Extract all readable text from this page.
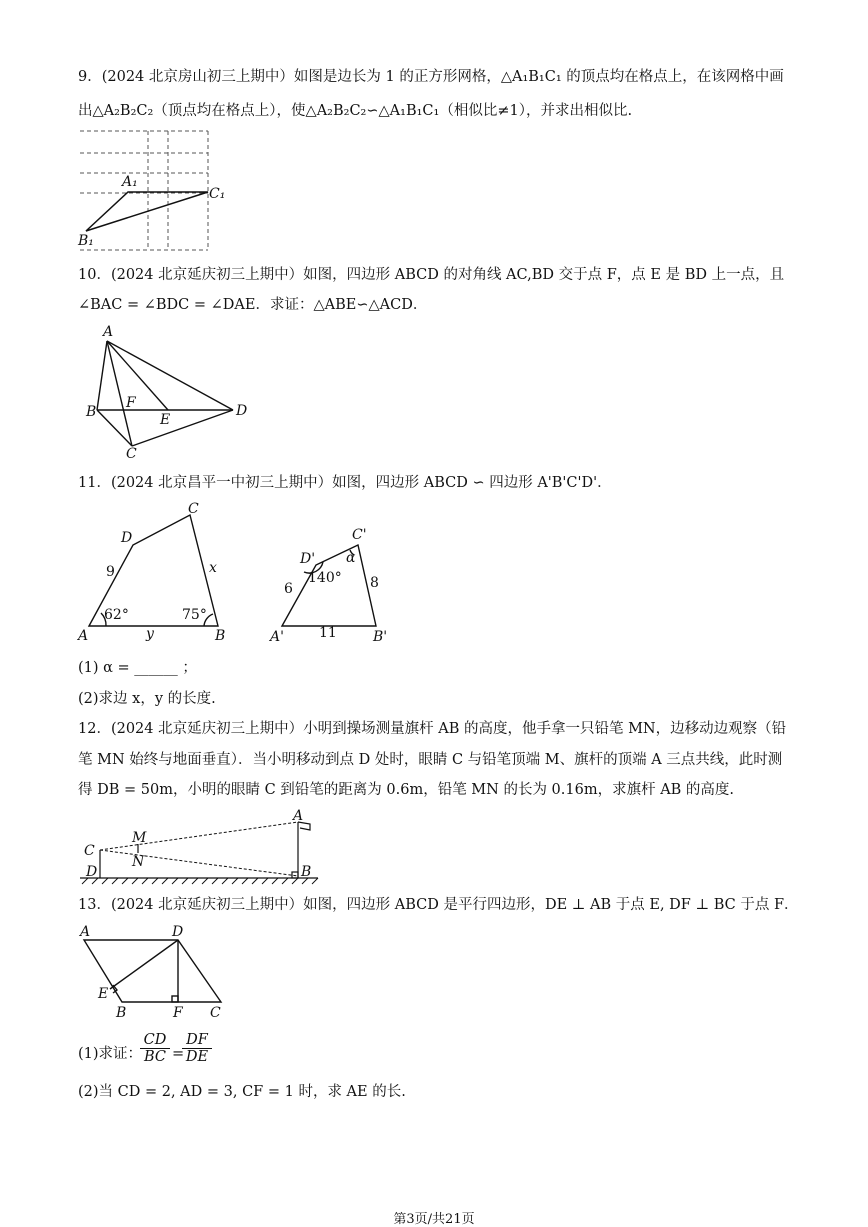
9．(2024 北京房山初三上期中）如图是边长为 1 的正方形网格，△A₁B₁C₁ 的顶点均在格点上，在该网格中画
出△A₂B₂C₂（顶点均在格点上），使△A₂B₂C₂∽△A₁B₁C₁（相似比≠1），并求出相似比.
A₁
B₁
C₁
10．(2024 北京延庆初三上期中）如图，四边形 ABCD 的对角线 AC,BD 交于点 F，点 E 是 BD 上一点，且
∠BAC = ∠BDC = ∠DAE．求证：△ABE∽△ACD．
A
B
C
D
E
F
11．(2024 北京昌平一中初三上期中）如图，四边形 ABCD ∽ 四边形 A'B'C'D'．
C
D
A	B
9	x
y
62°	75°
C'
D'
A'	B'
6	8
11
140°
α
(1) α = ______ ；
(2)求边 x，y 的长度.
12．(2024 北京延庆初三上期中）小明到操场测量旗杆 AB 的高度，他手拿一只铅笔 MN，边移动边观察（铅
笔 MN 始终与地面垂直）．当小明移动到点 D 处时，眼睛 C 与铅笔顶端 M、旗杆的顶端 A 三点共线，此时测
得 DB = 50m，小明的眼睛 C 到铅笔的距离为 0.6m，铅笔 MN 的长为 0.16m，求旗杆 AB 的高度.
A
B
C
D
M
N
13．(2024 北京延庆初三上期中）如图，四边形 ABCD 是平行四边形，DE ⊥ AB 于点 E, DF ⊥ BC 于点 F．
A	D
E
B	F C
(1)求证：
$\frac{CD}{BC}$ =
$\frac{DF}{DE}$
(2)当 CD = 2, AD = 3, CF = 1 时，求 AE 的长.
第3页/共21页
